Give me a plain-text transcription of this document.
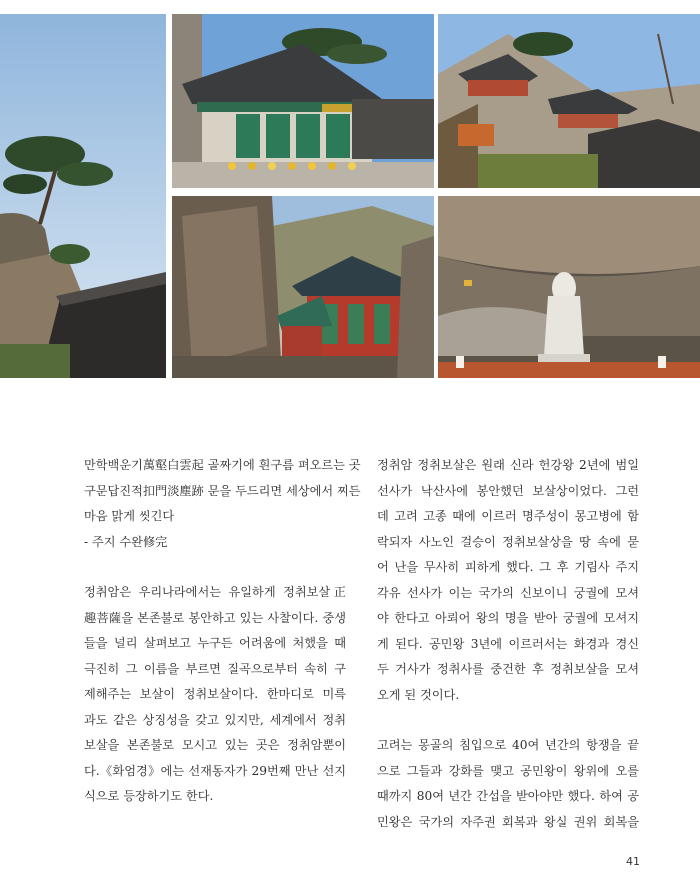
만학백운기萬壑白雲起 골짜기에 흰구름 펴오르는 곳
구문답진적扣門淡塵跡 문을 두드리면 세상에서 찌든
마음 맑게 씻긴다
- 주지 수완修完

정취암은 우리나라에서는 유일하게 정취보살正
趣菩薩을 본존불로 봉안하고 있는 사찰이다. 중생
들을 널리 살펴보고 누구든 어려움에 처했을 때
극진히 그 이름을 부르면 질곡으로부터 속히 구
제해주는 보살이 정취보살이다. 한마디로 미륵
과도 같은 상징성을 갖고 있지만, 세계에서 정취
보살을 본존불로 모시고 있는 곳은 정취암뿐이
다.《화엄경》에는 선재동자가 29번째 만난 선지
식으로 등장하기도 한다.

정취암 정취보살은 원래 신라 헌강왕 2년에 범일
선사가 낙산사에 봉안했던 보살상이었다. 그런
데 고려 고종 때에 이르러 명주성이 몽고병에 함
락되자 사노인 걸승이 정취보살상을 땅 속에 묻
어 난을 무사히 피하게 했다. 그 후 기림사 주지
각유 선사가 이는 국가의 신보이니 궁궐에 모셔
야 한다고 아뢰어 왕의 명을 받아 궁궐에 모셔지
게 된다. 공민왕 3년에 이르러서는 화경과 경신
두 거사가 정취사를 중건한 후 정취보살을 모셔
오게 된 것이다.

고려는 몽골의 침입으로 40여 년간의 항쟁을 끝
으로 그들과 강화를 맺고 공민왕이 왕위에 오를
때까지 80여 년간 간섭을 받아야만 했다. 하여 공
민왕은 국가의 자주권 회복과 왕실 권위 회복을

41
